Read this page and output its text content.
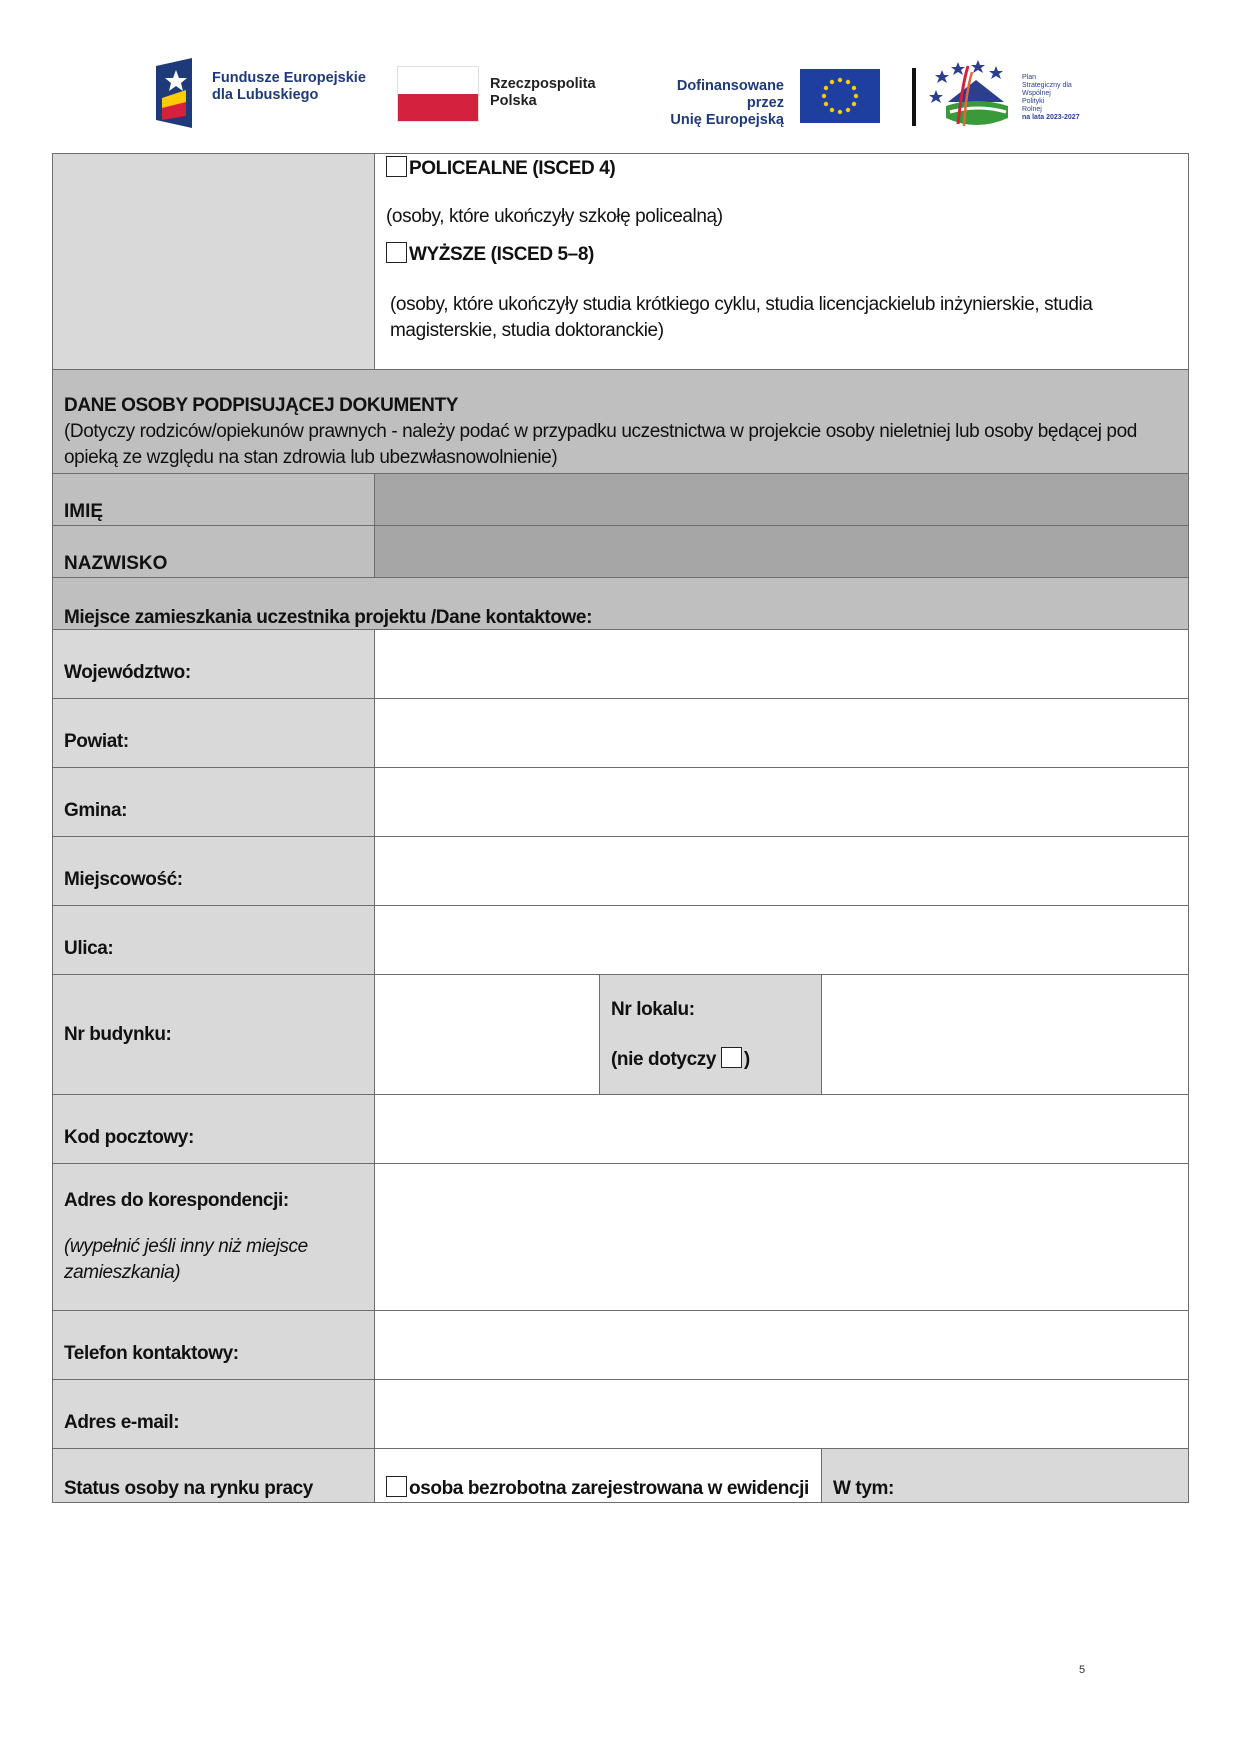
Fundusze Europejskie
dla Lubuskiego
Rzeczpospolita
Polska
Dofinansowane przez
Unię Europejską
Plan
Strategiczny dla
Wspólnej
Polityki
Rolnej
na lata 2023-2027

	POLICEALNE (ISCED 4)
(osoby, które ukończyły szkołę policealną)
WYŻSZE (ISCED 5–8)
(osoby, które ukończyły studia krótkiego cyklu, studia licencjackielub inżynierskie, studia magisterskie, studia doktoranckie)		

DANE OSOBY PODPISUJĄCEJ DOKUMENTY
(Dotyczy rodziców/opiekunów prawnych - należy podać w przypadku uczestnictwa w projekcie osoby nieletniej lub osoby będącej pod opieką ze względu na stan zdrowia lub ubezwłasnowolnienie)			

IMIĘ			
NAZWISKO			
Miejsce zamieszkania uczestnika projektu /Dane kontaktowe:			
Województwo:			
Powiat:			
Gmina:			
Miejscowość:			
Ulica:			
Nr budynku:		Nr lokalu:
(nie dotyczy )	

Kod pocztowy:			

Adres do korespondencji:
(wypełnić jeśli inny niż miejsce zamieszkania)			

Telefon kontaktowy:			
Adres e-mail:			
Status osoby na rynku pracy	osoba bezrobotna zarejestrowana w ewidencji		W tym:
5
